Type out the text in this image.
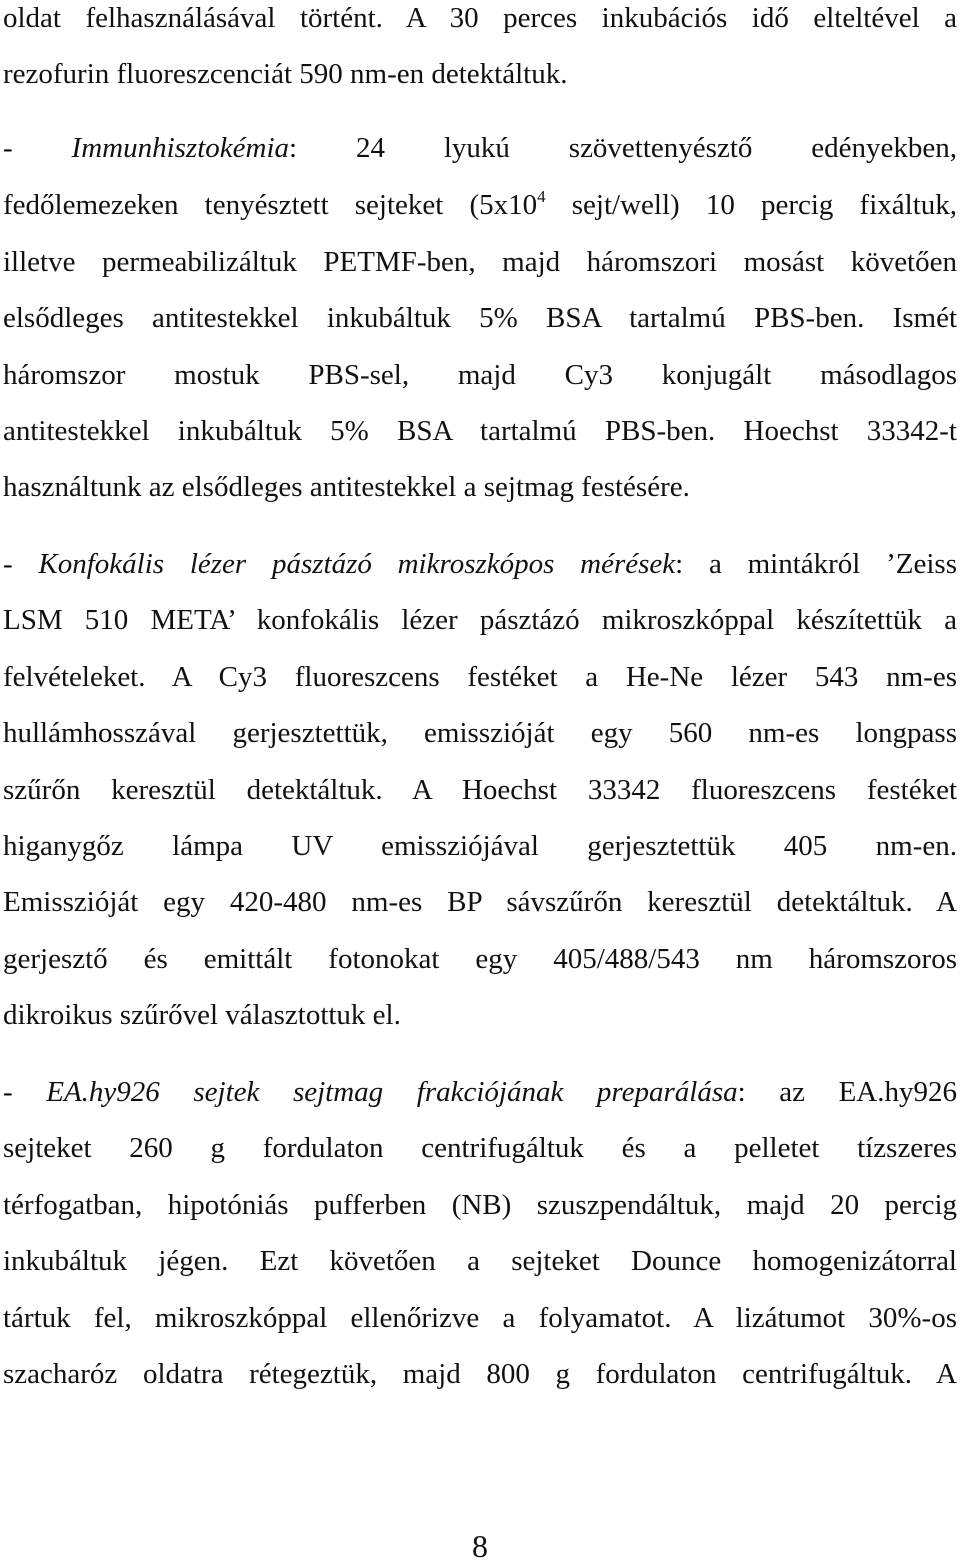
oldat felhasználásával történt. A 30 perces inkubációs idő elteltével a
rezofurin fluoreszcenciát 590 nm-en detektáltuk.
- Immunhisztokémia: 24 lyukú szövettenyésztő edényekben,
fedőlemezeken tenyésztett sejteket ($5x10^4$ sejt/well) 10 percig fixáltuk,
illetve permeabilizáltuk PETMF-ben, majd háromszori mosást követően
elsődleges antitestekkel inkubáltuk 5% BSA tartalmú PBS-ben. Ismét
háromszor mostuk PBS-sel, majd Cy3 konjugált másodlagos
antitestekkel inkubáltuk 5% BSA tartalmú PBS-ben. Hoechst 33342-t
használtunk az elsődleges antitestekkel a sejtmag festésére.
- Konfokális lézer pásztázó mikroszkópos mérések: a mintákról ’Zeiss
LSM 510 META’ konfokális lézer pásztázó mikroszkóppal készítettük a
felvételeket. A Cy3 fluoreszcens festéket a He-Ne lézer 543 nm-es
hullámhosszával gerjesztettük, emisszióját egy 560 nm-es longpass
szűrőn keresztül detektáltuk. A Hoechst 33342 fluoreszcens festéket
higanygőz lámpa UV emissziójával gerjesztettük 405 nm-en.
Emisszióját egy 420-480 nm-es BP sávszűrőn keresztül detektáltuk. A
gerjesztő és emittált fotonokat egy 405/488/543 nm háromszoros
dikroikus szűrővel választottuk el.
- EA.hy926 sejtek sejtmag frakciójának preparálása: az EA.hy926
sejteket 260 g fordulaton centrifugáltuk és a pelletet tízszeres
térfogatban, hipotóniás pufferben (NB) szuszpendáltuk, majd 20 percig
inkubáltuk jégen. Ezt követően a sejteket Dounce homogenizátorral
tártuk fel, mikroszkóppal ellenőrizve a folyamatot. A lizátumot 30%-os
szacharóz oldatra rétegeztük, majd 800 g fordulaton centrifugáltuk. A
8
